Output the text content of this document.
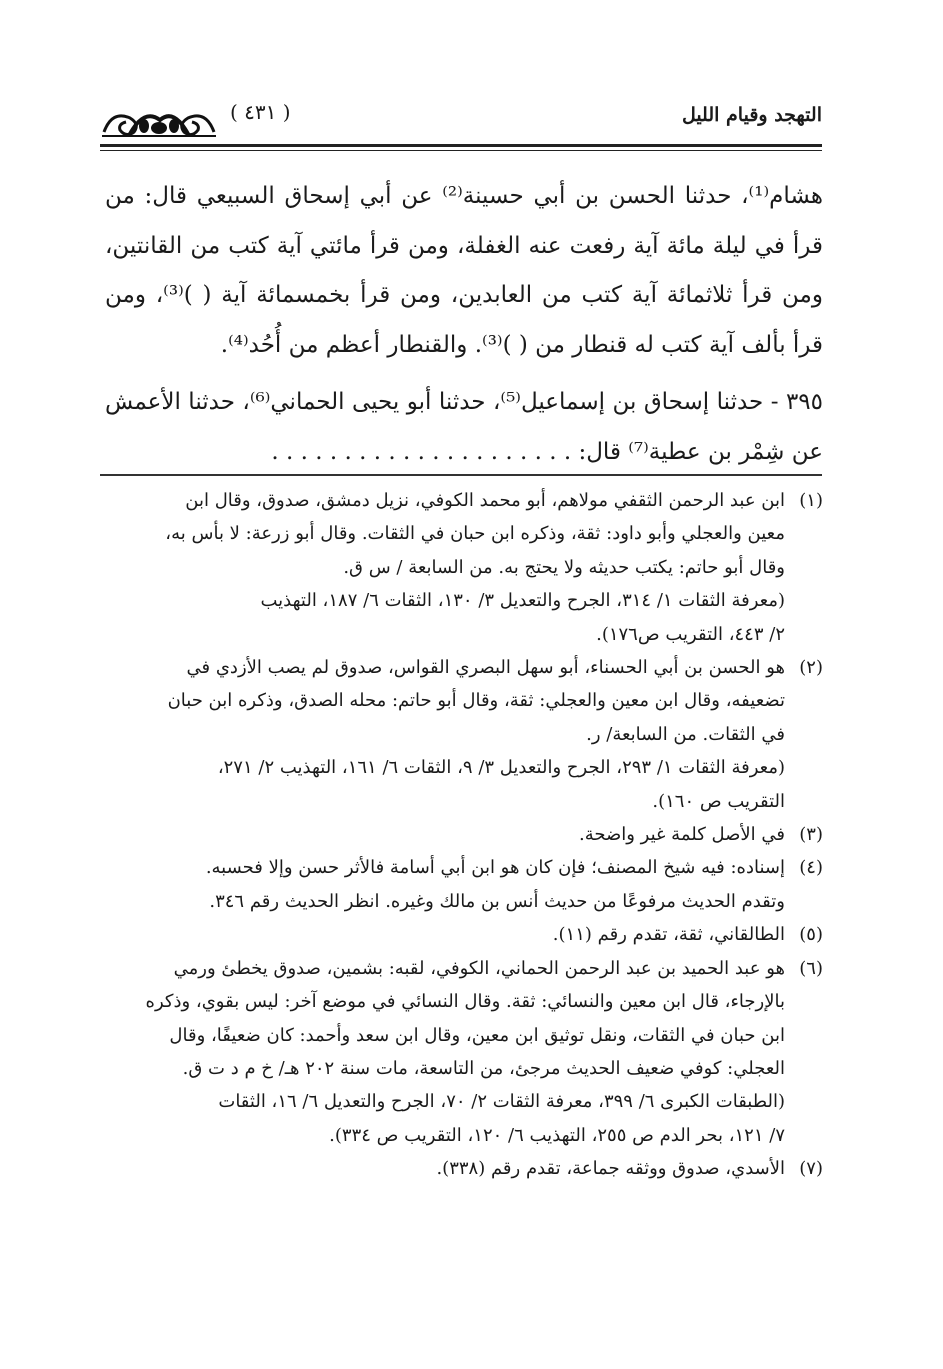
التهجد وقيام الليل
( ٤٣١ )

هشام⁽¹⁾، حدثنا الحسن بن أبي حسينة⁽²⁾ عن أبي إسحاق السبيعي قال: من قرأ في ليلة مائة آية رفعت عنه الغفلة، ومن قرأ مائتي آية كتب من القانتين، ومن قرأ ثلاثمائة آية كتب من العابدين، ومن قرأ بخمسمائة آية ( )⁽³⁾، ومن قرأ بألف آية كتب له قنطار من ( )⁽³⁾. والقنطار أعظم من أُحُد⁽⁴⁾.

٣٩٥ - حدثنا إسحاق بن إسماعيل⁽⁵⁾، حدثنا أبو يحيى الحماني⁽⁶⁾، حدثنا الأعمش عن شِمْر بن عطية⁽⁷⁾ قال: . . . . . . . . . . . . . . . . . . . . .

(١)
ابن عبد الرحمن الثقفي مولاهم، أبو محمد الكوفي، نزيل دمشق، صدوق، وقال ابن
معين والعجلي وأبو داود: ثقة، وذكره ابن حبان في الثقات. وقال أبو زرعة: لا بأس به،
وقال أبو حاتم: يكتب حديثه ولا يحتج به. من السابعة / س ق.
(معرفة الثقات ١/ ٣١٤، الجرح والتعديل ٣/ ١٣٠، الثقات ٦/ ١٨٧، التهذيب
٢/ ٤٤٣، التقريب ص١٧٦).
(٢)
هو الحسن بن أبي الحسناء، أبو سهل البصري القواس، صدوق لم يصب الأزدي في
تضعيفه، وقال ابن معين والعجلي: ثقة، وقال أبو حاتم: محله الصدق، وذكره ابن حبان
في الثقات. من السابعة/ ر.
(معرفة الثقات ١/ ٢٩٣، الجرح والتعديل ٣/ ٩، الثقات ٦/ ١٦١، التهذيب ٢/ ٢٧١،
التقريب ص ١٦٠).
(٣)
في الأصل كلمة غير واضحة.
(٤)
إسناده: فيه شيخ المصنف؛ فإن كان هو ابن أبي أسامة فالأثر حسن وإلا فحسبه.
وتقدم الحديث مرفوعًا من حديث أنس بن مالك وغيره. انظر الحديث رقم ٣٤٦.
(٥)
الطالقاني، ثقة، تقدم رقم (١١).
(٦)
هو عبد الحميد بن عبد الرحمن الحماني، الكوفي، لقبه: بشمين، صدوق يخطئ ورمي
بالإرجاء، قال ابن معين والنسائي: ثقة. وقال النسائي في موضع آخر: ليس بقوي، وذكره
ابن حبان في الثقات، ونقل توثيق ابن معين، وقال ابن سعد وأحمد: كان ضعيفًا، وقال
العجلي: كوفي ضعيف الحديث مرجئ، من التاسعة، مات سنة ٢٠٢ هـ/ خ م د ت ق.
(الطبقات الكبرى ٦/ ٣٩٩، معرفة الثقات ٢/ ٧٠، الجرح والتعديل ٦/ ١٦، الثقات
٧/ ١٢١، بحر الدم ص ٢٥٥، التهذيب ٦/ ١٢٠، التقريب ص ٣٣٤).
(٧)
الأسدي، صدوق ووثقه جماعة، تقدم رقم (٣٣٨).
